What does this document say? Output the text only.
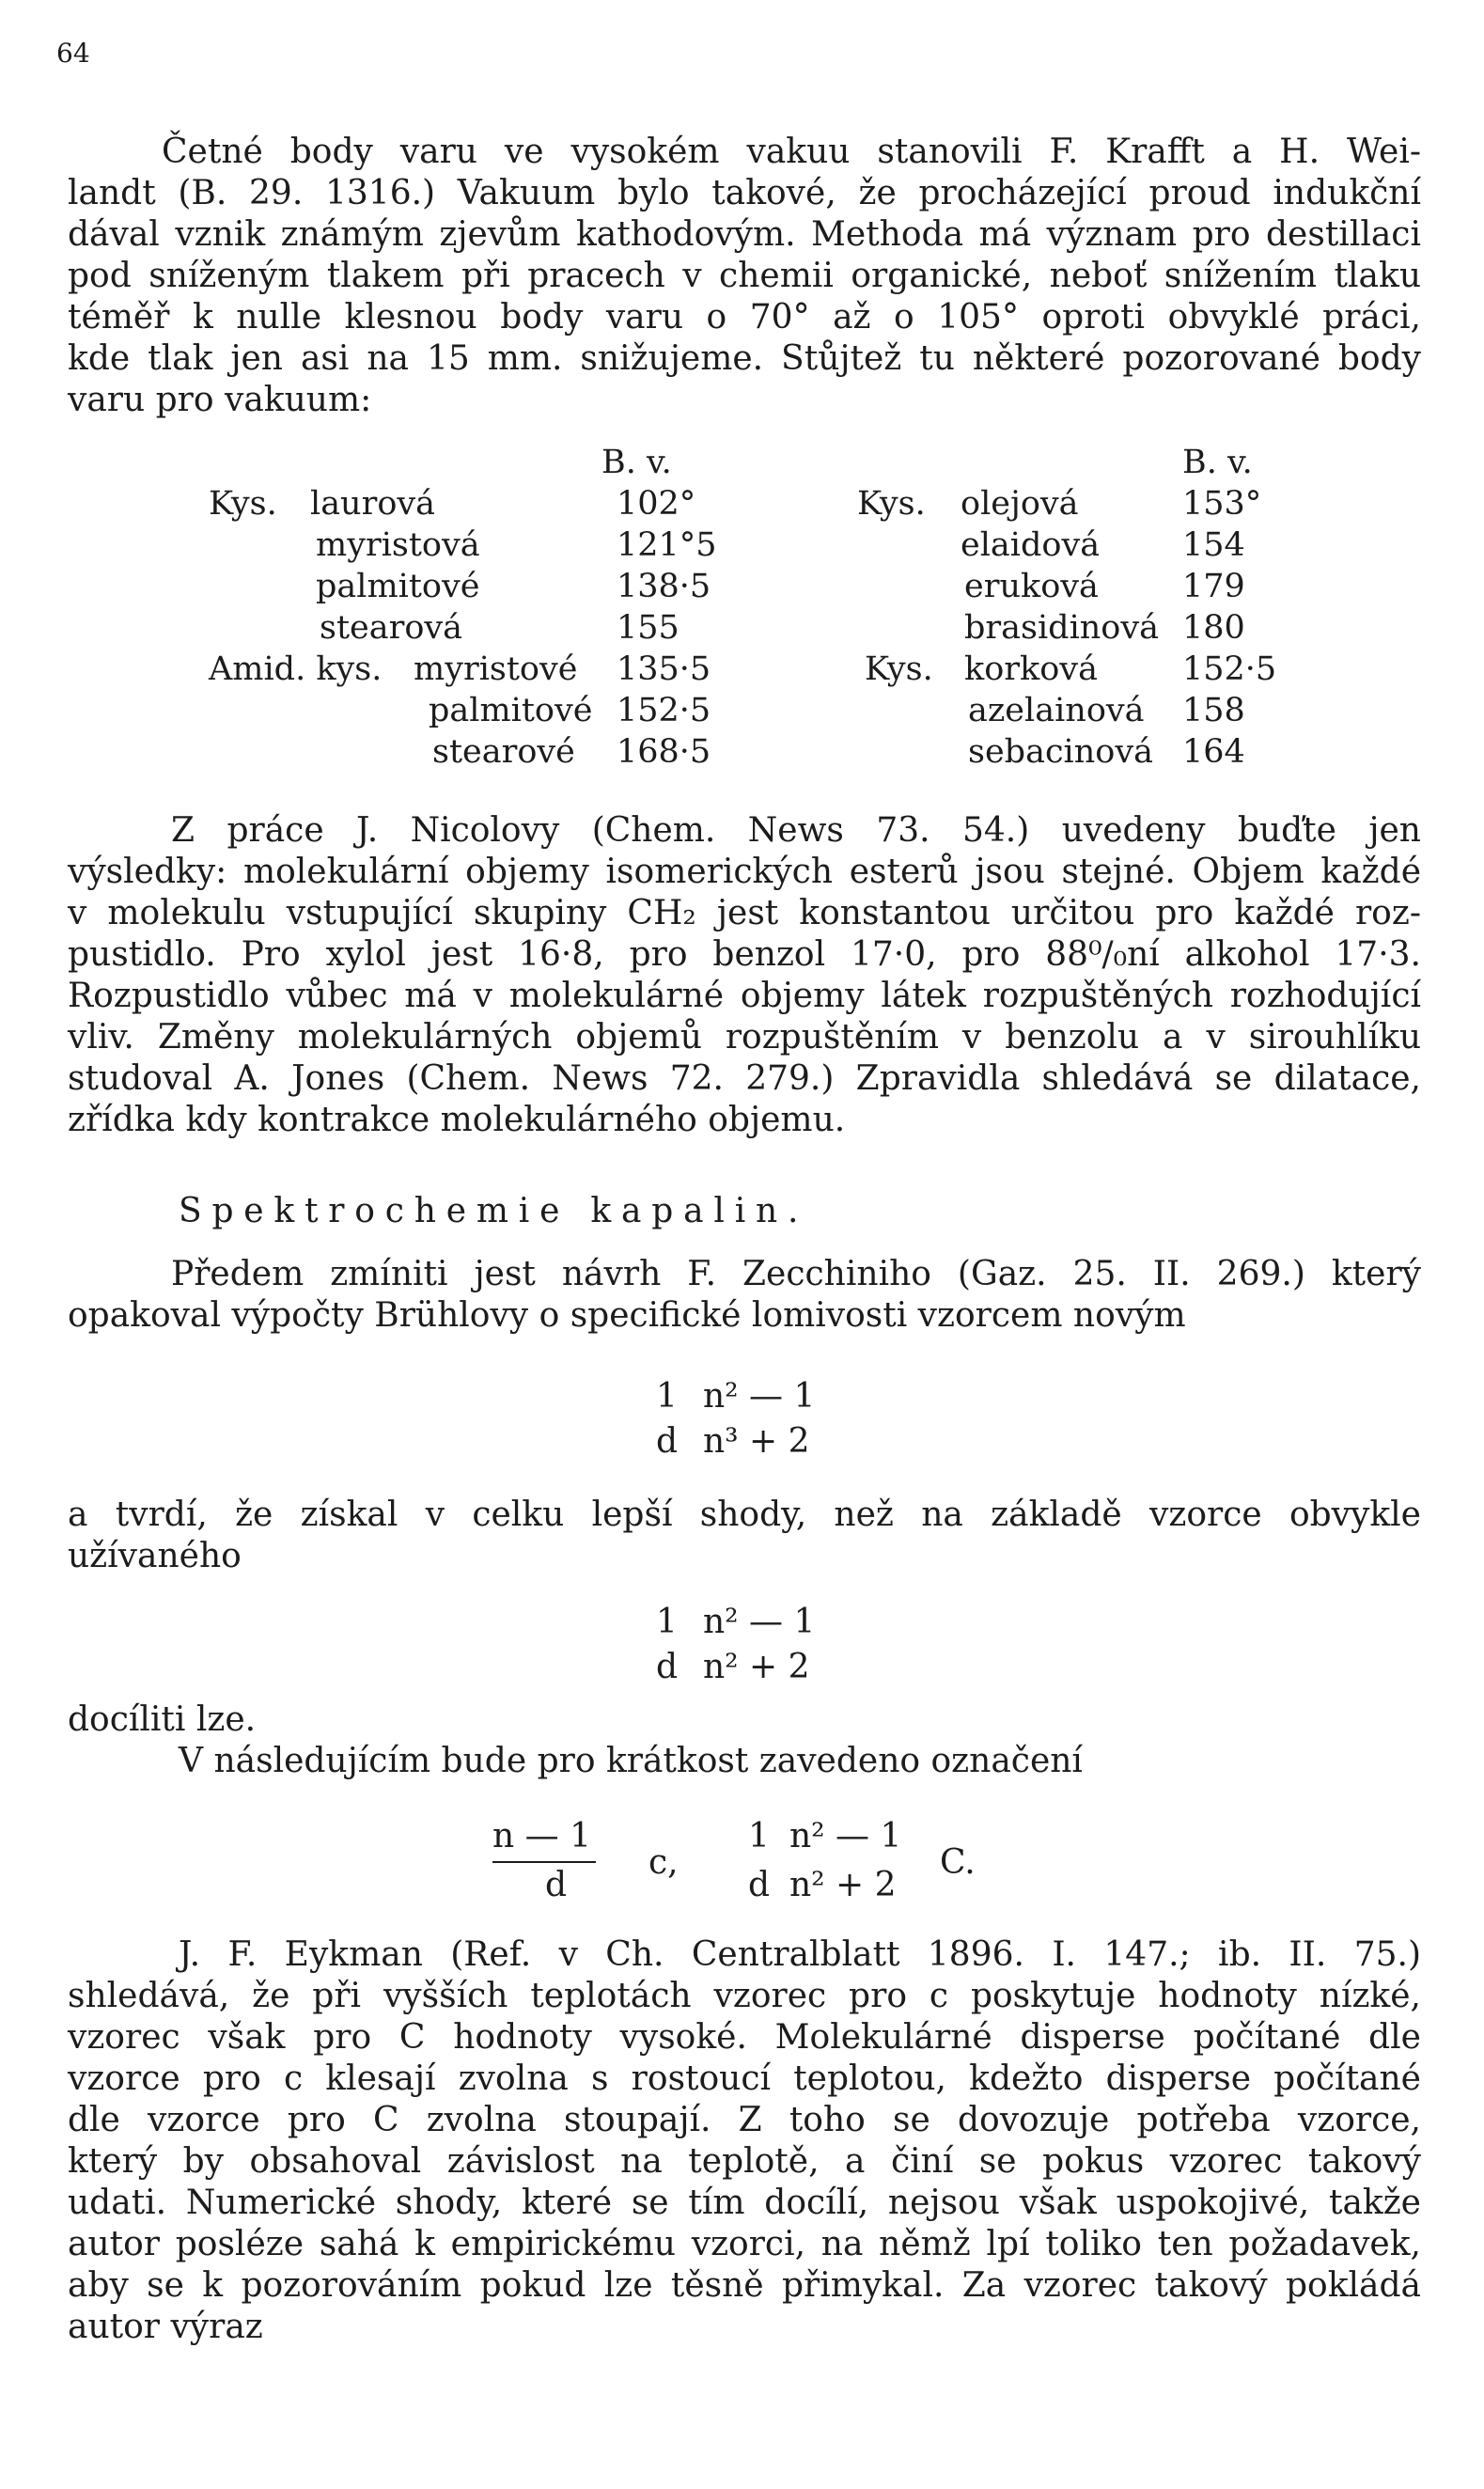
64
Četné body varu ve vysokém vakuu stanovili F. Krafft a H. Wei-
landt (B. 29. 1316.) Vakuum bylo takové, že procházející proud indukční
dával vznik známým zjevům kathodovým. Methoda má význam pro destillaci
pod sníženým tlakem při pracech v chemii organické, neboť snížením tlaku
téměř k nulle klesnou body varu o 70° až o 105° oproti obvyklé práci,
kde tlak jen asi na 15 mm. snižujeme. Stůjtež tu některé pozorované body
varu pro vakuum:
B. v.	B. v.
Kys. laurová	102°
myristová	121°5
palmitové	138·5
stearová	155
Amid. kys. myristové 135·5
palmitové 152·5
stearové 168·5
Kys. olejová	153°
elaidová	154
eruková	179
brasidinová 180
Kys. korková	152·5
azelainová 158
sebacinová 164
Z práce J. Nicolovy (Chem. News 73. 54.) uvedeny buďte jen
výsledky: molekulární objemy isomerických esterů jsou stejné. Objem každé
v molekulu vstupující skupiny CH₂ jest konstantou určitou pro každé roz-
pustidlo. Pro xylol jest 16·8, pro benzol 17·0, pro 88⁰/₀ní alkohol 17·3.
Rozpustidlo vůbec má v molekulárné objemy látek rozpuštěných rozhodující
vliv. Změny molekulárných objemů rozpuštěním v benzolu a v sirouhlíku
studoval A. Jones (Chem. News 72. 279.) Zpravidla shledává se dilatace,
zřídka kdy kontrakce molekulárného objemu.
Spektrochemie kapalin.
Předem zmíniti jest návrh F. Zecchiniho (Gaz. 25. II. 269.) který
opakoval výpočty Brühlovy o specifické lomivosti vzorcem novým
1
d
n² — 1
n³ + 2
a tvrdí, že získal v celku lepší shody, než na základě vzorce obvykle
užívaného
1
d
n² — 1
n² + 2
docíliti lze.
V následujícím bude pro krátkost zavedeno označení
n — 1
d
c,
1
d
n² — 1
n² + 2
C.
J. F. Eykman (Ref. v Ch. Centralblatt 1896. I. 147.; ib. II. 75.)
shledává, že při vyšších teplotách vzorec pro c poskytuje hodnoty nízké,
vzorec však pro C hodnoty vysoké. Molekulárné disperse počítané dle
vzorce pro c klesají zvolna s rostoucí teplotou, kdežto disperse počítané
dle vzorce pro C zvolna stoupají. Z toho se dovozuje potřeba vzorce,
který by obsahoval závislost na teplotě, a činí se pokus vzorec takový
udati. Numerické shody, které se tím docílí, nejsou však uspokojivé, takže
autor posléze sahá k empirickému vzorci, na němž lpí toliko ten požadavek,
aby se k pozorováním pokud lze těsně přimykal. Za vzorec takový pokládá
autor výraz
